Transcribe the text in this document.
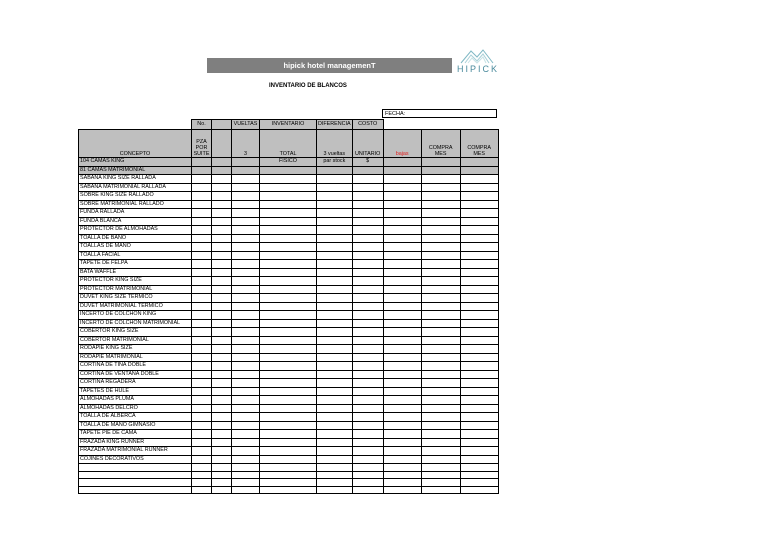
hipick hotel managemenT	HIPICK
INVENTARIO DE BLANCOS
FECHA:
	No.		VUELTAS	INVENTARIO	DIFERENCIA	COSTO			
CONCEPTO	PZA POR SUITE		3	TOTAL	3 vueltas	UNITARIO	bajas	COMPRA MES	COMPRA MES
104 CAMAS KING				FISICO	par stock	$			
81 CAMAS MATRIMONIAL									
SABANA KING SIZE RALLADA									
SABANA MATRIMONIAL RALLADA									
SOBRE KING SIZE RALLADO									
SOBRE MATRIMONIAL RALLADO									
FUNDA RALLADA									
FUNDA BLANCA									
PROTECTOR DE ALMOHADAS									
TOALLA DE BAÑO									
TOALLAS DE MANO									
TOALLA FACIAL									
TAPETE DE FELPA									
BATA WAFFLE									
PROTECTOR KING SIZE									
PROTECTOR MATRIMONIAL									
DUVET KING SIZE TERMICO									
DUVET MATRIMONIAL TERMICO									
INCERTO DE COLCHON KING									
INCERTO DE COLCHON MATRIMONIAL									
COBERTOR KING SIZE									
COBERTOR MATRIMONIAL									
RODAPIE KING SIZE									
RODAPIE MATRIMONIAL									
CORTINA DE TINA DOBLE									
CORTINA DE VENTANA DOBLE									
CORTINA REGADERA									
TAPETES DE HULE									
ALMOHADAS PLUMA									
ALMOHADAS DELCRO									
TOALLA DE ALBERCA									
TOALLA DE MANO GIMNASIO									
TAPETE PIE DE CAMA									
FRAZADA KING RUNNER									
FRAZADA MATRIMONIAL RUNNER									
COJINES DECORATIVOS									
